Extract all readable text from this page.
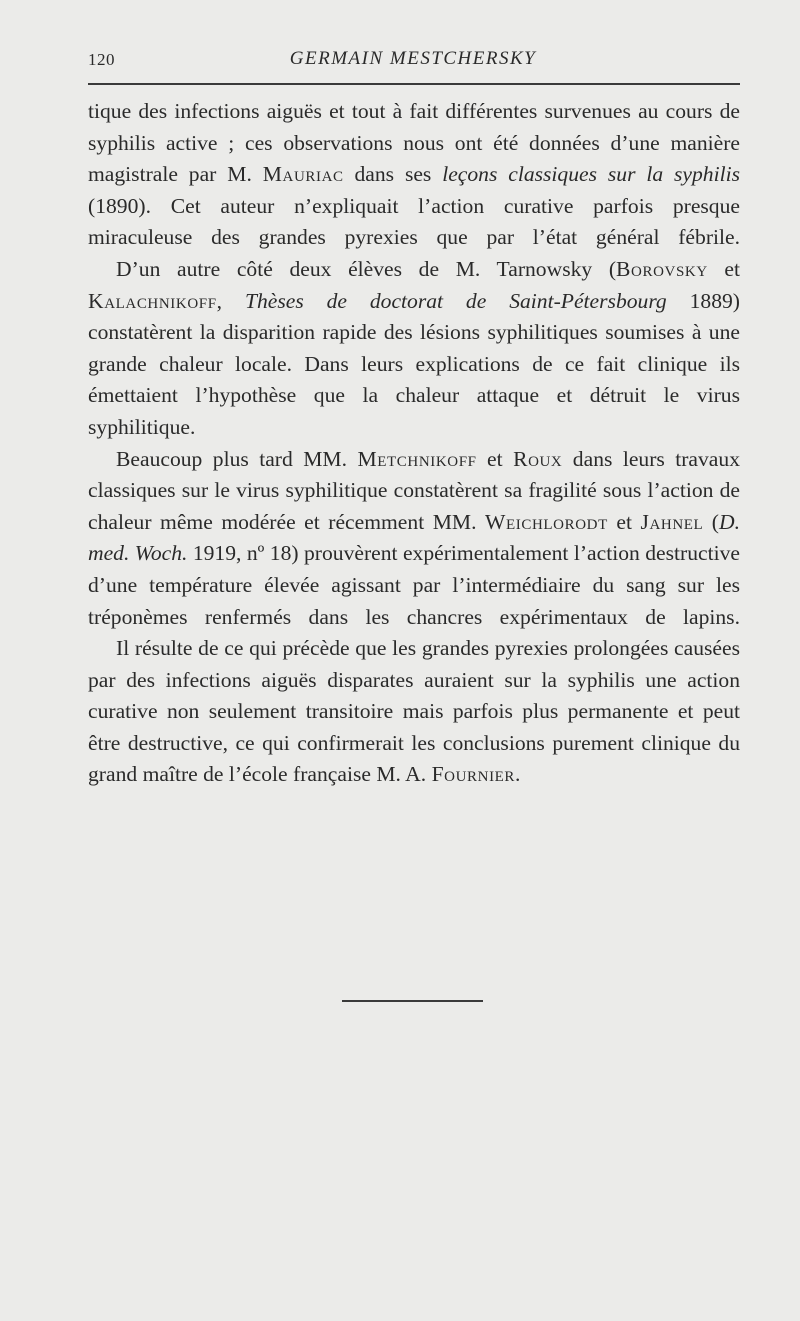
120	GERMAIN MESTCHERSKY

tique des infections aiguës et tout à fait différentes survenues au cours de syphilis active ; ces observations nous ont été données d’une manière magistrale par M. Mauriac dans ses leçons classiques sur la syphilis (1890). Cet auteur n’expliquait l’action curative parfois presque miraculeuse des grandes pyrexies que par l’état général fébrile.

D’un autre côté deux élèves de M. Tarnowsky (Borovsky et Kalachnikoff, Thèses de doctorat de Saint-Pétersbourg 1889) constatèrent la disparition rapide des lésions syphilitiques soumises à une grande chaleur locale. Dans leurs explications de ce fait clinique ils émettaient l’hypothèse que la chaleur attaque et détruit le virus syphilitique.

Beaucoup plus tard MM. Metchnikoff et Roux dans leurs travaux classiques sur le virus syphilitique constatèrent sa fragilité sous l’action de chaleur même modérée et récemment MM. Weichlorodt et Jahnel (D. med. Woch. 1919, nº 18) prouvèrent expérimentalement l’action destructive d’une température élevée agissant par l’intermédiaire du sang sur les tréponèmes renfermés dans les chancres expérimentaux de lapins.

Il résulte de ce qui précède que les grandes pyrexies prolongées causées par des infections aiguës disparates auraient sur la syphilis une action curative non seulement transitoire mais parfois plus permanente et peut être destructive, ce qui confirmerait les conclusions purement clinique du grand maître de l’école française M. A. Fournier.
